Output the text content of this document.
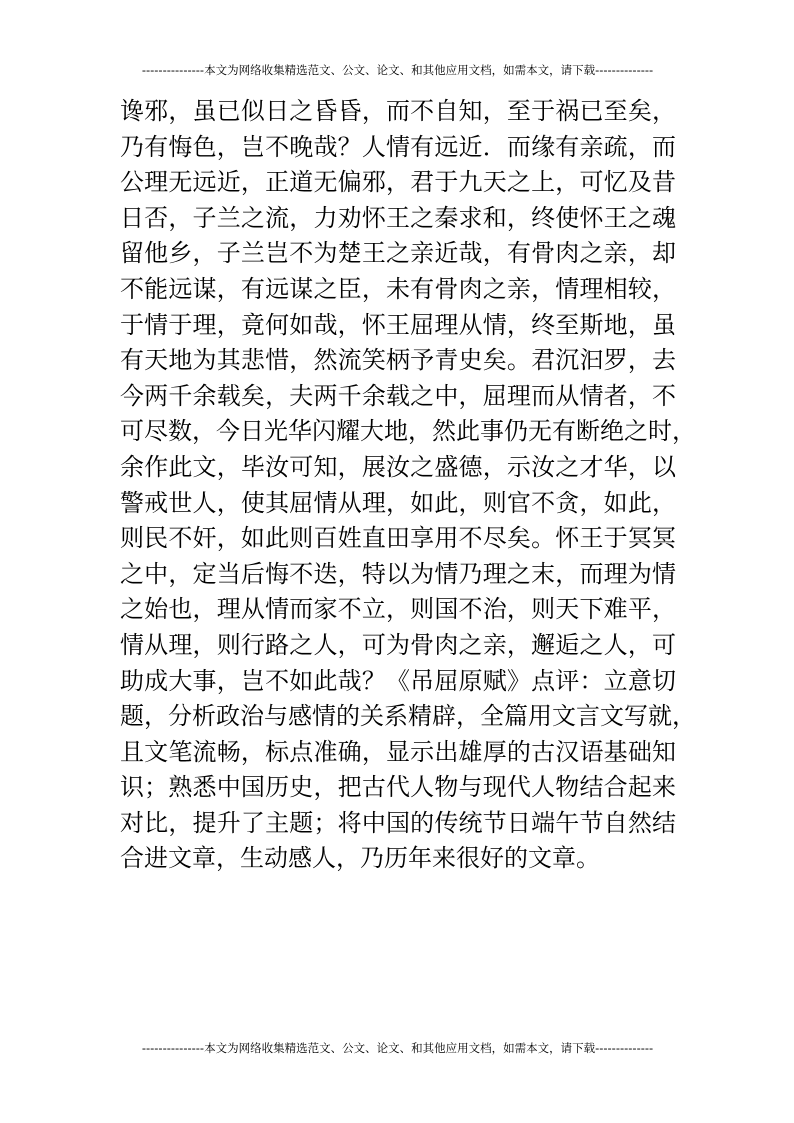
---------------本文为网络收集精选范文、公文、论文、和其他应用文档，如需本文，请下载--------------
谗邪，虽已似日之昏昏，而不自知，至于祸已至矣，
乃有悔色，岂不晚哉？人情有远近．而缘有亲疏，而
公理无远近，正道无偏邪，君于九天之上，可忆及昔
日否，子兰之流，力劝怀王之秦求和，终使怀王之魂
留他乡，子兰岂不为楚王之亲近哉，有骨肉之亲，却
不能远谋，有远谋之臣，未有骨肉之亲，情理相较，
于情于理，竟何如哉，怀王屈理从情，终至斯地，虽
有天地为其悲惜，然流笑柄予青史矣。君沉汩罗，去
今两千余载矣，夫两千余载之中，屈理而从情者，不
可尽数，今日光华闪耀大地，然此事仍无有断绝之时，
余作此文，毕汝可知，展汝之盛德，示汝之才华，以
警戒世人，使其屈情从理，如此，则官不贪，如此，
则民不奸，如此则百姓直田享用不尽矣。怀王于冥冥
之中，定当后悔不迭，特以为情乃理之末，而理为情
之始也，理从情而家不立，则国不治，则天下难平，
情从理，则行路之人，可为骨肉之亲，邂逅之人，可
助成大事，岂不如此哉？《吊屈原赋》点评：立意切
题，分析政治与感情的关系精辟，全篇用文言文写就，
且文笔流畅，标点准确，显示出雄厚的古汉语基础知
识；熟悉中国历史，把古代人物与现代人物结合起来
对比，提升了主题；将中国的传统节日端午节自然结
合进文章，生动感人，乃历年来很好的文章。
---------------本文为网络收集精选范文、公文、论文、和其他应用文档，如需本文，请下载--------------
